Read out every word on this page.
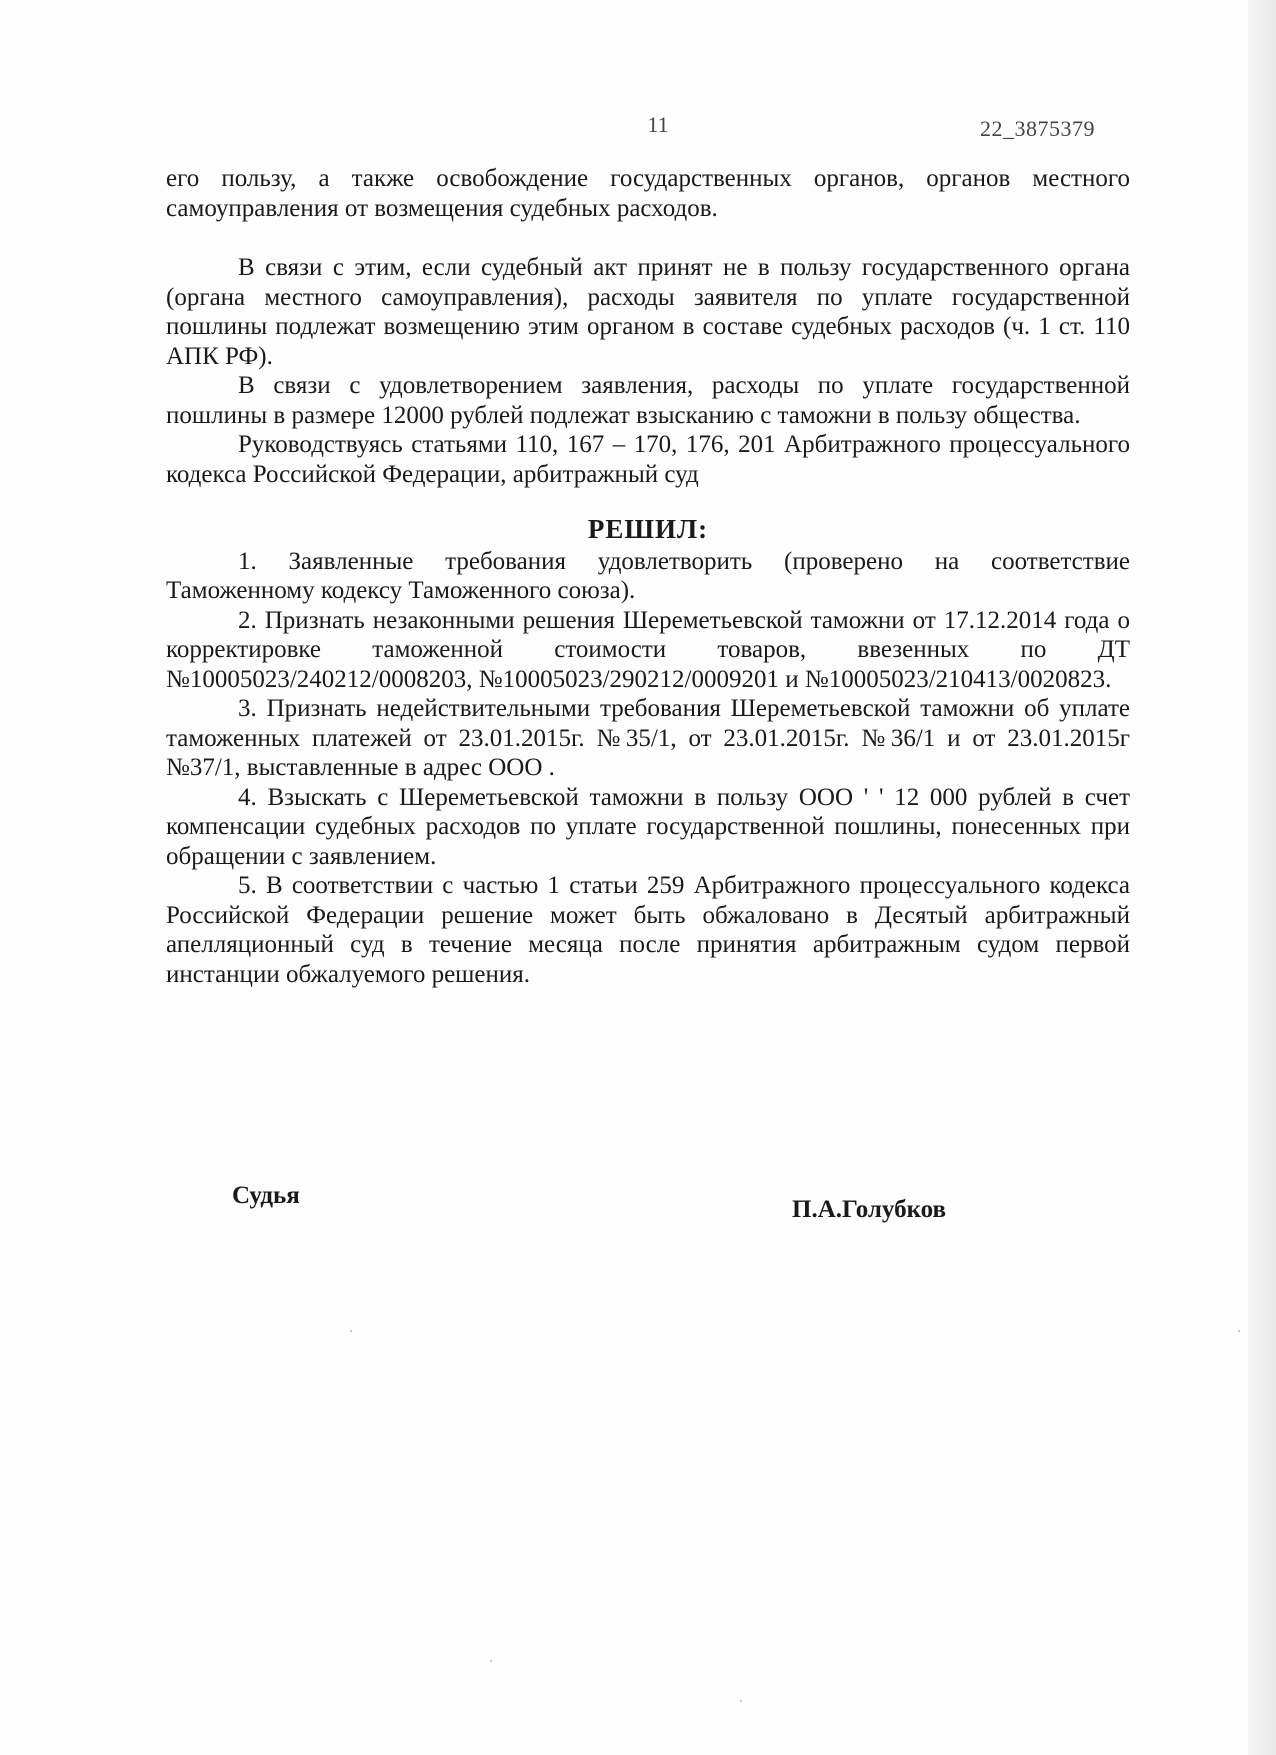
11	22_3875379

его пользу, а также освобождение государственных органов, органов местного самоуправления от возмещения судебных расходов.

В связи с этим, если судебный акт принят не в пользу государственного органа (органа местного самоуправления), расходы заявителя по уплате государственной пошлины подлежат возмещению этим органом в составе судебных расходов (ч. 1 ст. 110 АПК РФ).

В связи с удовлетворением заявления, расходы по уплате государственной пошлины в размере 12000 рублей подлежат взысканию с таможни в пользу общества.

Руководствуясь статьями 110, 167 – 170, 176, 201 Арбитражного процессуального кодекса Российской Федерации, арбитражный суд

РЕШИЛ:

1. Заявленные требования удовлетворить (проверено на соответствие Таможенному кодексу Таможенного союза).

2. Признать незаконными решения Шереметьевской таможни от 17.12.2014 года о корректировке таможенной стоимости товаров, ввезенных по ДТ №10005023/240212/0008203, №10005023/290212/0009201 и №10005023/210413/0020823.

3. Признать недействительными требования Шереметьевской таможни об уплате таможенных платежей от 23.01.2015г. №35/1, от 23.01.2015г. №36/1 и от 23.01.2015г №37/1, выставленные в адрес ООО .

4. Взыскать с Шереметьевской таможни в пользу ООО ' ' 12 000 рублей в счет компенсации судебных расходов по уплате государственной пошлины, понесенных при обращении с заявлением.

5. В соответствии с частью 1 статьи 259 Арбитражного процессуального кодекса Российской Федерации решение может быть обжаловано в Десятый арбитражный апелляционный суд в течение месяца после принятия арбитражным судом первой инстанции обжалуемого решения.

Судья
П.А.Голубков
